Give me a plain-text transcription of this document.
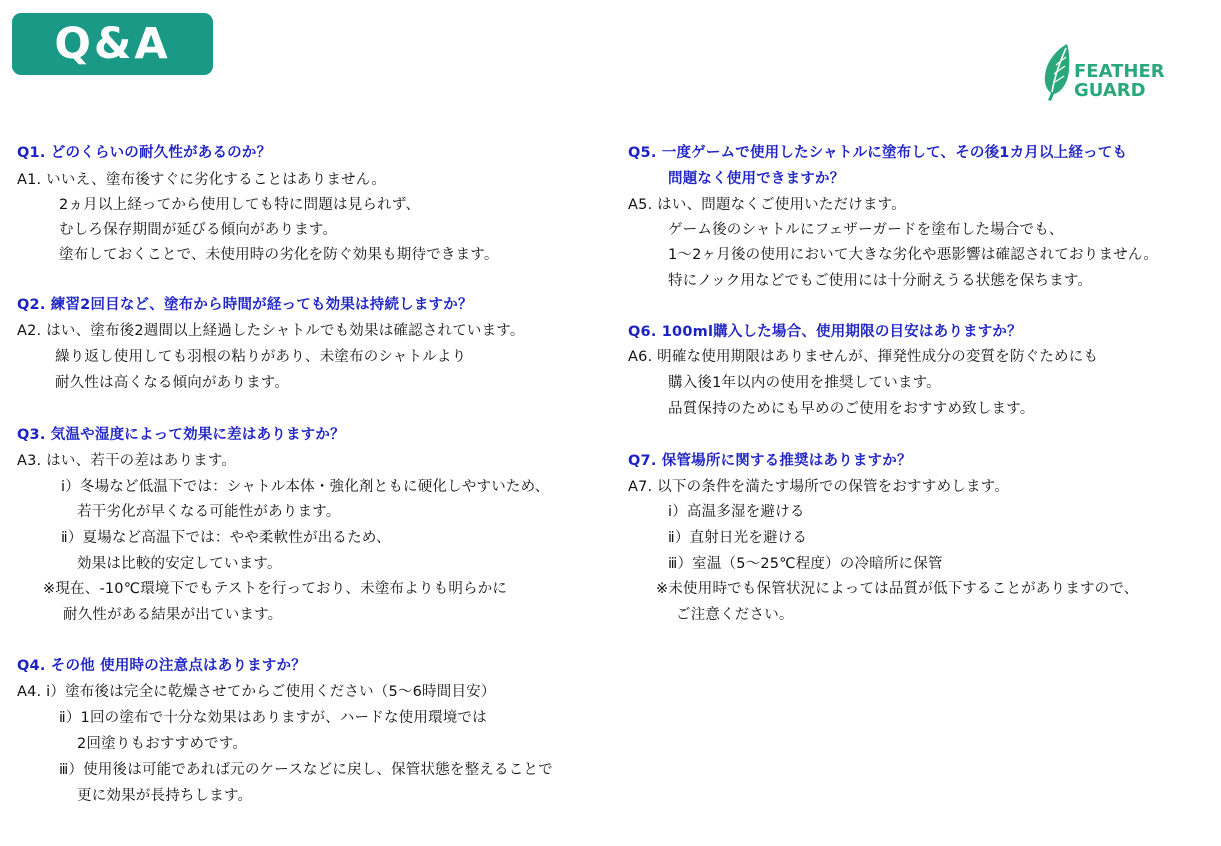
Q&A
FEATHER
GUARD
Q1. どのくらいの耐久性があるのか？
A1. いいえ、塗布後すぐに劣化することはありません。
2ヵ月以上経ってから使用しても特に問題は見られず、
むしろ保存期間が延びる傾向があります。
塗布しておくことで、未使用時の劣化を防ぐ効果も期待できます。
Q2. 練習2回目など、塗布から時間が経っても効果は持続しますか？
A2. はい、塗布後2週間以上経過したシャトルでも効果は確認されています。
繰り返し使用しても羽根の粘りがあり、未塗布のシャトルより
耐久性は高くなる傾向があります。
Q3. 気温や湿度によって効果に差はありますか？
A3. はい、若干の差はあります。
ⅰ）冬場など低温下では：シャトル本体・強化剤ともに硬化しやすいため、
若干劣化が早くなる可能性があります。
ⅱ）夏場など高温下では：やや柔軟性が出るため、
効果は比較的安定しています。
※現在、-10℃環境下でもテストを行っており、未塗布よりも明らかに
耐久性がある結果が出ています。
Q4. その他 使用時の注意点はありますか？
A4. ⅰ）塗布後は完全に乾燥させてからご使用ください（5～6時間目安）
ⅱ）1回の塗布で十分な効果はありますが、ハードな使用環境では
2回塗りもおすすめです。
ⅲ）使用後は可能であれば元のケースなどに戻し、保管状態を整えることで
更に効果が長持ちします。
Q5. 一度ゲームで使用したシャトルに塗布して、その後1カ月以上経っても
問題なく使用できますか？
A5. はい、問題なくご使用いただけます。
ゲーム後のシャトルにフェザーガードを塗布した場合でも、
1～2ヶ月後の使用において大きな劣化や悪影響は確認されておりません。
特にノック用などでもご使用には十分耐えうる状態を保ちます。
Q6. 100ml購入した場合、使用期限の目安はありますか？
A6. 明確な使用期限はありませんが、揮発性成分の変質を防ぐためにも
購入後1年以内の使用を推奨しています。
品質保持のためにも早めのご使用をおすすめ致します。
Q7. 保管場所に関する推奨はありますか？
A7. 以下の条件を満たす場所での保管をおすすめします。
ⅰ）高温多湿を避ける
ⅱ）直射日光を避ける
ⅲ）室温（5～25℃程度）の冷暗所に保管
※未使用時でも保管状況によっては品質が低下することがありますので、
ご注意ください。
